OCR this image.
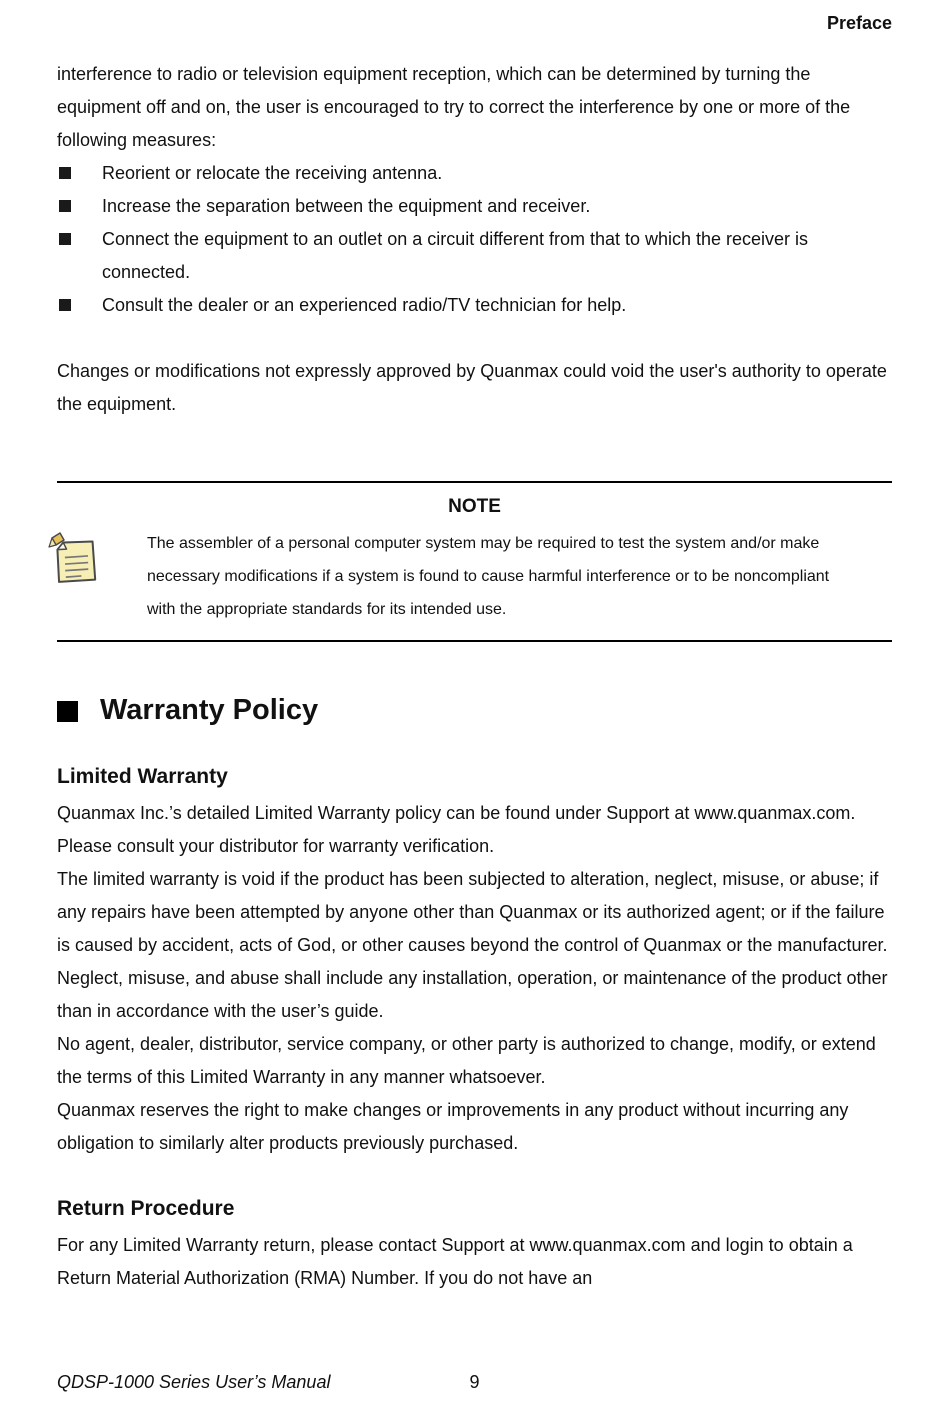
Preface

interference to radio or television equipment reception, which can be determined by turning the equipment off and on, the user is encouraged to try to correct the interference by one or more of the following measures:

Reorient or relocate the receiving antenna.
Increase the separation between the equipment and receiver.
Connect the equipment to an outlet on a circuit different from that to which the receiver is connected.
Consult the dealer or an experienced radio/TV technician for help.

Changes or modifications not expressly approved by Quanmax could void the user's authority to operate the equipment.

NOTE

The assembler of a personal computer system may be required to test the system and/or make necessary modifications if a system is found to cause harmful interference or to be noncompliant with the appropriate standards for its intended use.

Warranty Policy
Limited Warranty

Quanmax Inc.’s detailed Limited Warranty policy can be found under Support at www.quanmax.com. Please consult your distributor for warranty verification.

The limited warranty is void if the product has been subjected to alteration, neglect, misuse, or abuse; if any repairs have been attempted by anyone other than Quanmax or its authorized agent; or if the failure is caused by accident, acts of God, or other causes beyond the control of Quanmax or the manufacturer. Neglect, misuse, and abuse shall include any installation, operation, or maintenance of the product other than in accordance with the user’s guide.

No agent, dealer, distributor, service company, or other party is authorized to change, modify, or extend the terms of this Limited Warranty in any manner whatsoever.

Quanmax reserves the right to make changes or improvements in any product without incurring any obligation to similarly alter products previously purchased.

Return Procedure

For any Limited Warranty return, please contact Support at www.quanmax.com and login to obtain a Return Material Authorization (RMA) Number. If you do not have an

QDSP-1000 Series User’s Manual	9
